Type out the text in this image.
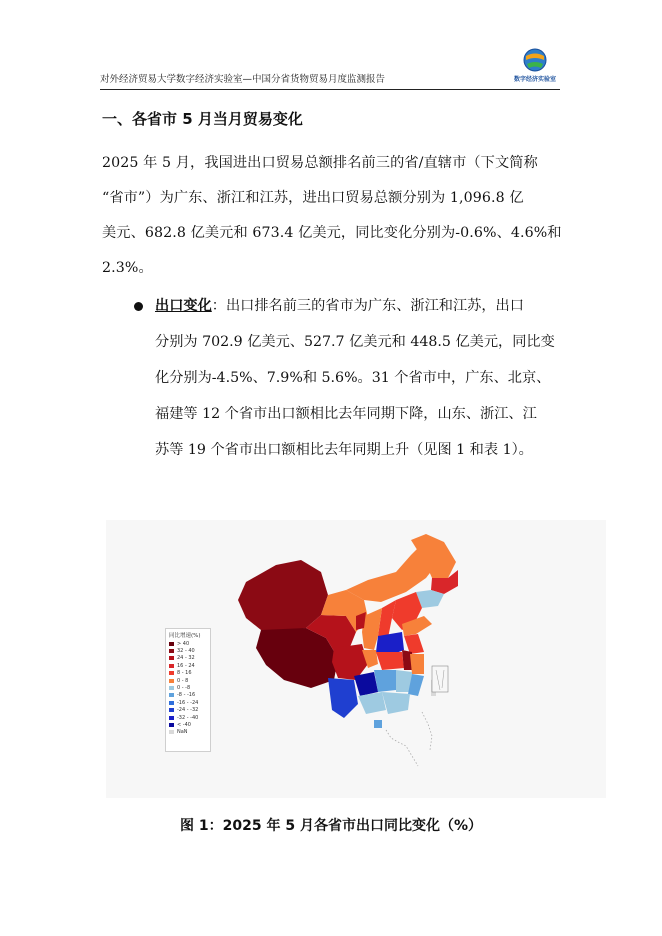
对外经济贸易大学数字经济实验室—中国分省货物贸易月度监测报告	数字经济实验室
一、各省市 5 月当月贸易变化
2025 年 5 月，我国进出口贸易总额排名前三的省/直辖市（下文简称
“省市”）为广东、浙江和江苏，进出口贸易总额分别为 1,096.8 亿
美元、682.8 亿美元和 673.4 亿美元，同比变化分别为-0.6%、4.6%和
2.3%。
出口变化：出口排名前三的省市为广东、浙江和江苏，出口
分别为 702.9 亿美元、527.7 亿美元和 448.5 亿美元，同比变
化分别为-4.5%、7.9%和 5.6%。31 个省市中，广东、北京、
福建等 12 个省市出口额相比去年同期下降，山东、浙江、江
苏等 19 个省市出口额相比去年同期上升（见图 1 和表 1）。
同比增速(%)
> 40
32 - 40
24 - 32
16 - 24
8 - 16
0 - 8
0 - -8
-8 - -16
-16 - -24
-24 - -32
-32 - -40
< -40
NaN
图 1：2025 年 5 月各省市出口同比变化（%）
